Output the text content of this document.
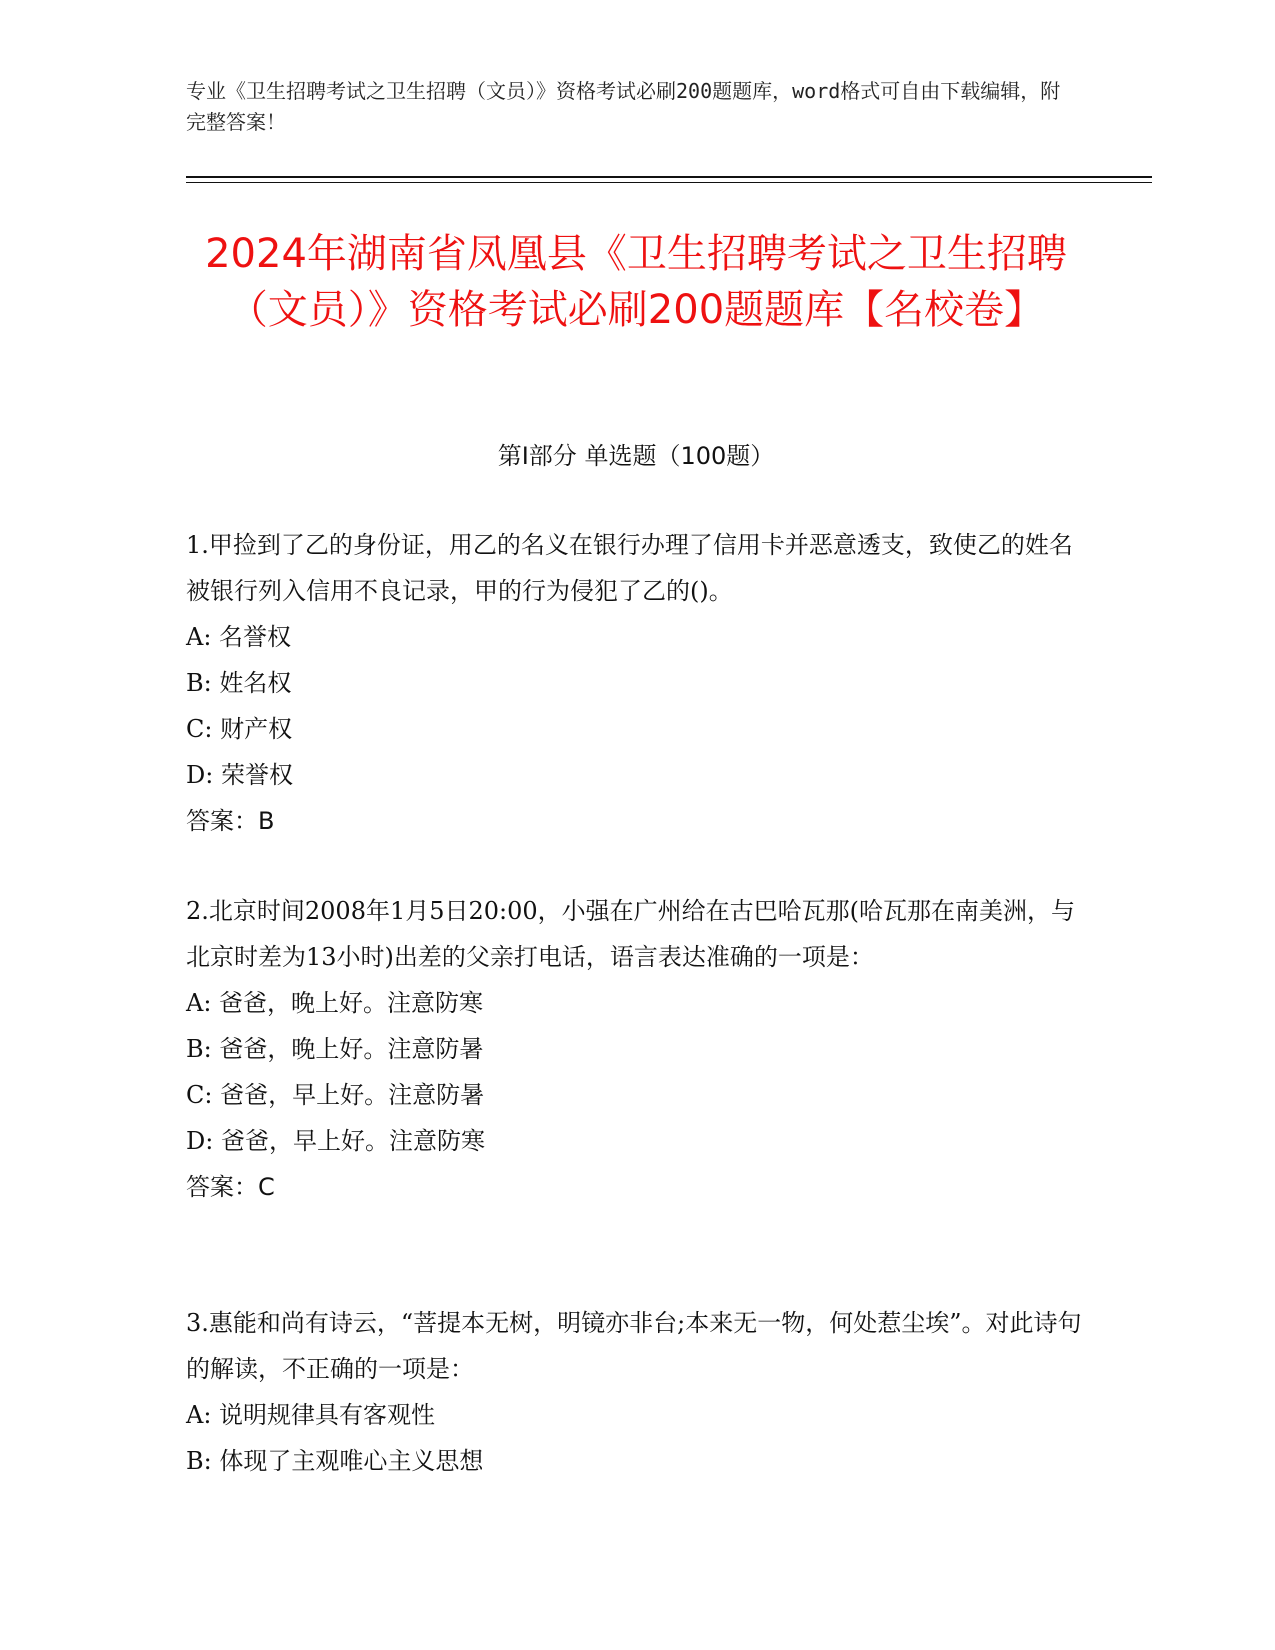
专业《卫生招聘考试之卫生招聘（文员）》资格考试必刷200题题库，word格式可自由下载编辑，附完整答案！
2024年湖南省凤凰县《卫生招聘考试之卫生招聘（文员）》资格考试必刷200题题库【名校卷】
第Ⅰ部分 单选题（100题）
1.甲捡到了乙的身份证，用乙的名义在银行办理了信用卡并恶意透支，致使乙的姓名被银行列入信用不良记录，甲的行为侵犯了乙的()。
A: 名誉权
B: 姓名权
C: 财产权
D: 荣誉权
答案：B
2.北京时间2008年1月5日20:00，小强在广州给在古巴哈瓦那(哈瓦那在南美洲，与北京时差为13小时)出差的父亲打电话，语言表达准确的一项是：
A: 爸爸，晚上好。注意防寒
B: 爸爸，晚上好。注意防暑
C: 爸爸，早上好。注意防暑
D: 爸爸，早上好。注意防寒
答案：C
3.惠能和尚有诗云，“菩提本无树，明镜亦非台;本来无一物，何处惹尘埃”。对此诗句的解读，不正确的一项是：
A: 说明规律具有客观性
B: 体现了主观唯心主义思想
